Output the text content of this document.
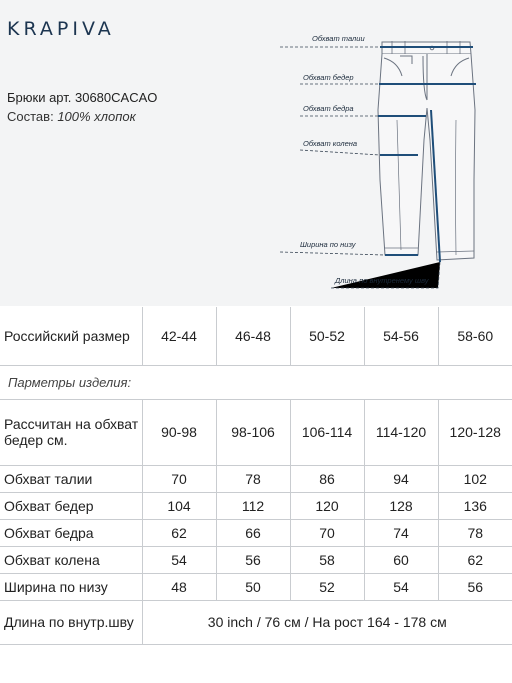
KRAPIVA
Брюки арт. 30680CACAO
Состав: 100% хлопок
Обхват талии
Обхват бедер
Обхват бедра
Обхват колена
Ширина по низу
Длина по внутренему шву
Российский размер	42-44	46-48	50-52	54-56	58-60
Парметры изделия:					
Рассчитан на обхват бедер см.	90-98	98-106	106-114	114-120	120-128
Обхват талии	70	78	86	94	102
Обхват бедер	104	112	120	128	136
Обхват бедра	62	66	70	74	78
Обхват колена	54	56	58	60	62
Ширина по низу	48	50	52	54	56
Длина по внутр.шву	30 inch / 76 см / На рост 164 - 178 см				
